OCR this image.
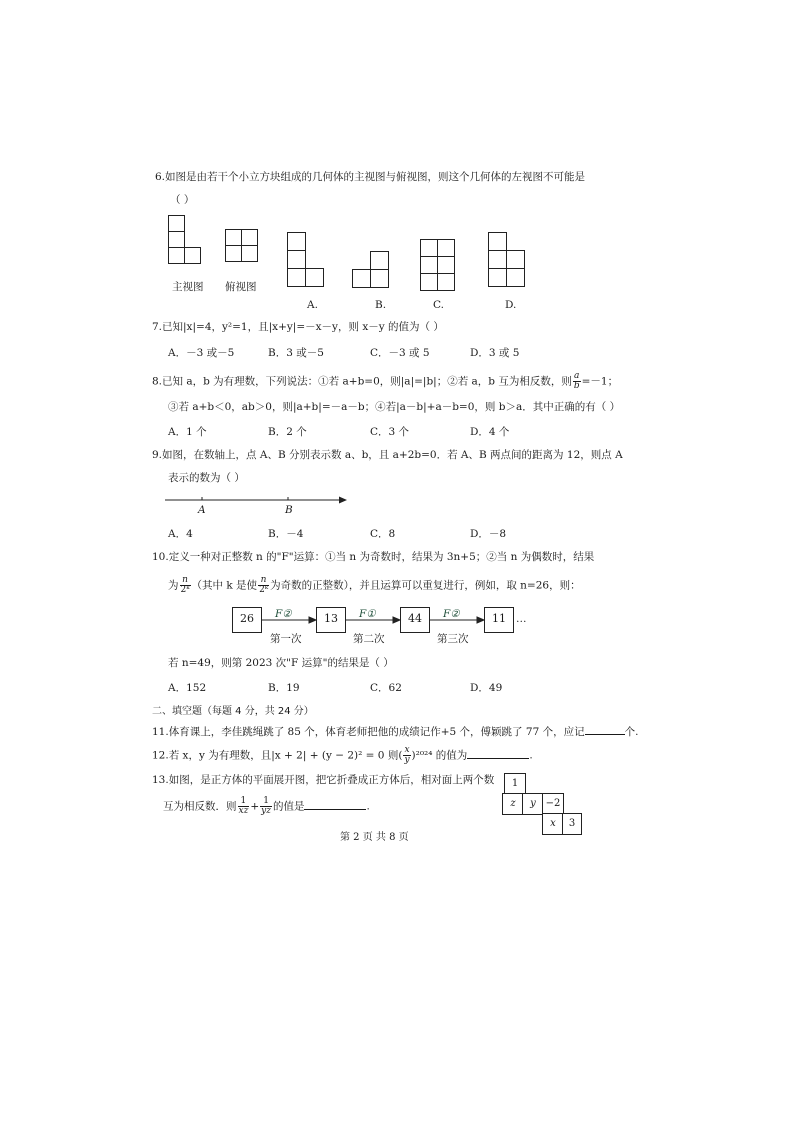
6.如图是由若干个小立方块组成的几何体的主视图与俯视图，则这个几何体的左视图不可能是
（ ）
主视图 俯视图
A.	B.	C.	D.
7.已知|x|=4，y²=1，且|x+y|=－x－y，则 x－y 的值为（ ）
A．－3 或－5	B．3 或－5	C．－3 或 5	D．3 或 5
8.已知 a，b 为有理数，下列说法：①若 a+b=0，则|a|=|b|；②若 a，b 互为相反数，则 $\frac{a}{b} =-1$；
③若 a+b＜0，ab＞0，则|a+b|=－a－b；④若|a－b|+a－b=0，则 b＞a．其中正确的有（ ）
A．1 个	B．2 个	C．3 个	D．4 个
9.如图，在数轴上，点 A、B 分别表示数 a、b，且 a+2b=0．若 A、B 两点间的距离为 12，则点 A
表示的数为（ ）
A	B
A．4	B．－4	C．8	D．－8
10.定义一种对正整数 n 的"F"运算：①当 n 为奇数时，结果为 3n+5；②当 n 为偶数时，结果
为 $\frac{n}{\text{2ᵏ}}$ （其中 k 是使 $\frac{n}{\text{2ᵏ}}$ 为奇数的正整数），并且运算可以重复进行，例如，取 n=26，则：
26	13	44	11 …
F②	F①	F②
第一次	第二次	第三次
若 n=49，则第 2023 次"F 运算"的结果是（ ）
A．152	B．19	C．62	D．49
二、填空题（每题 4 分，共 24 分）
11.体育课上，李佳跳绳跳了 85 个，体育老师把他的成绩记作+5 个，傅颖跳了 77 个，应记	个.
12.若 x，y 为有理数，且|x + 2| + (y − 2)² = 0 则( $\frac{x}{y} )^{2024}$ 的值为	.
13.如图，是正方体的平面展开图，把它折叠成正方体后，相对面上两个数
互为相反数．则 $\frac{1}{xz} + \frac{1}{yz}$ 的值是	.
1
z	y −2
x	3
第 2 页 共 8 页
